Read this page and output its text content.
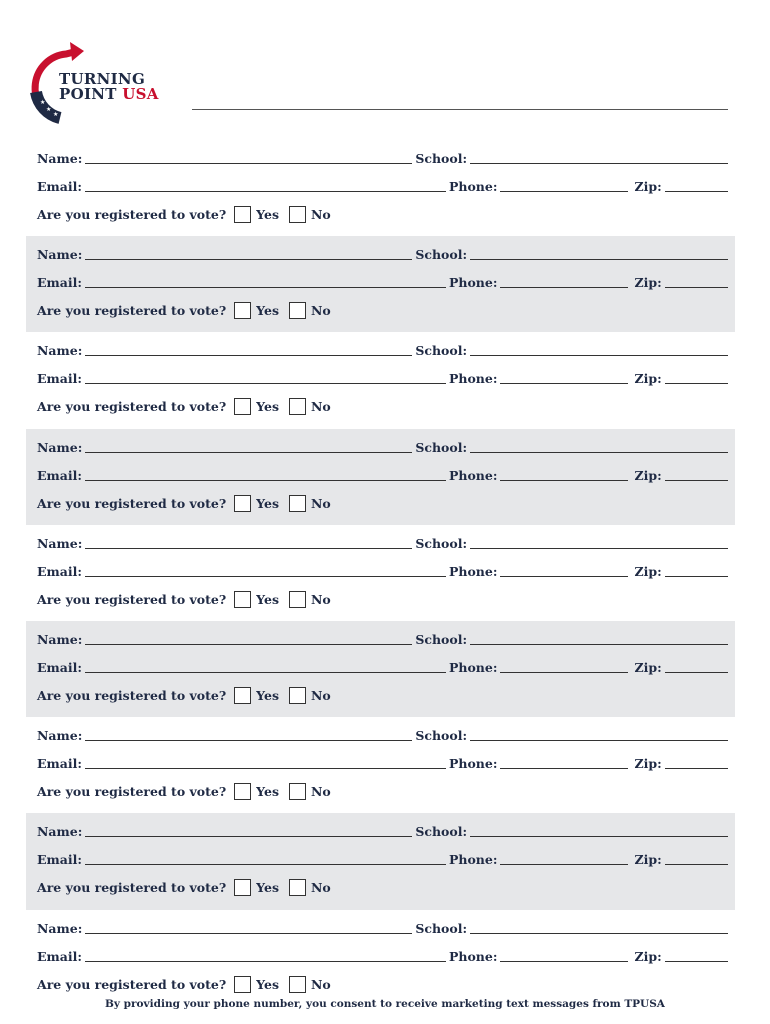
★
★
★
TURNING
POINT USA
Name:	School:
Email:	Phone:	Zip:
Are you registered to vote? Yes	No
Name:	School:
Email:	Phone:	Zip:
Are you registered to vote? Yes	No
Name:	School:
Email:	Phone:	Zip:
Are you registered to vote? Yes	No
Name:	School:
Email:	Phone:	Zip:
Are you registered to vote? Yes	No
Name:	School:
Email:	Phone:	Zip:
Are you registered to vote? Yes	No
Name:	School:
Email:	Phone:	Zip:
Are you registered to vote? Yes	No
Name:	School:
Email:	Phone:	Zip:
Are you registered to vote? Yes	No
Name:	School:
Email:	Phone:	Zip:
Are you registered to vote? Yes	No
Name:	School:
Email:	Phone:	Zip:
Are you registered to vote? Yes	No
By providing your phone number, you consent to receive marketing text messages from TPUSA
